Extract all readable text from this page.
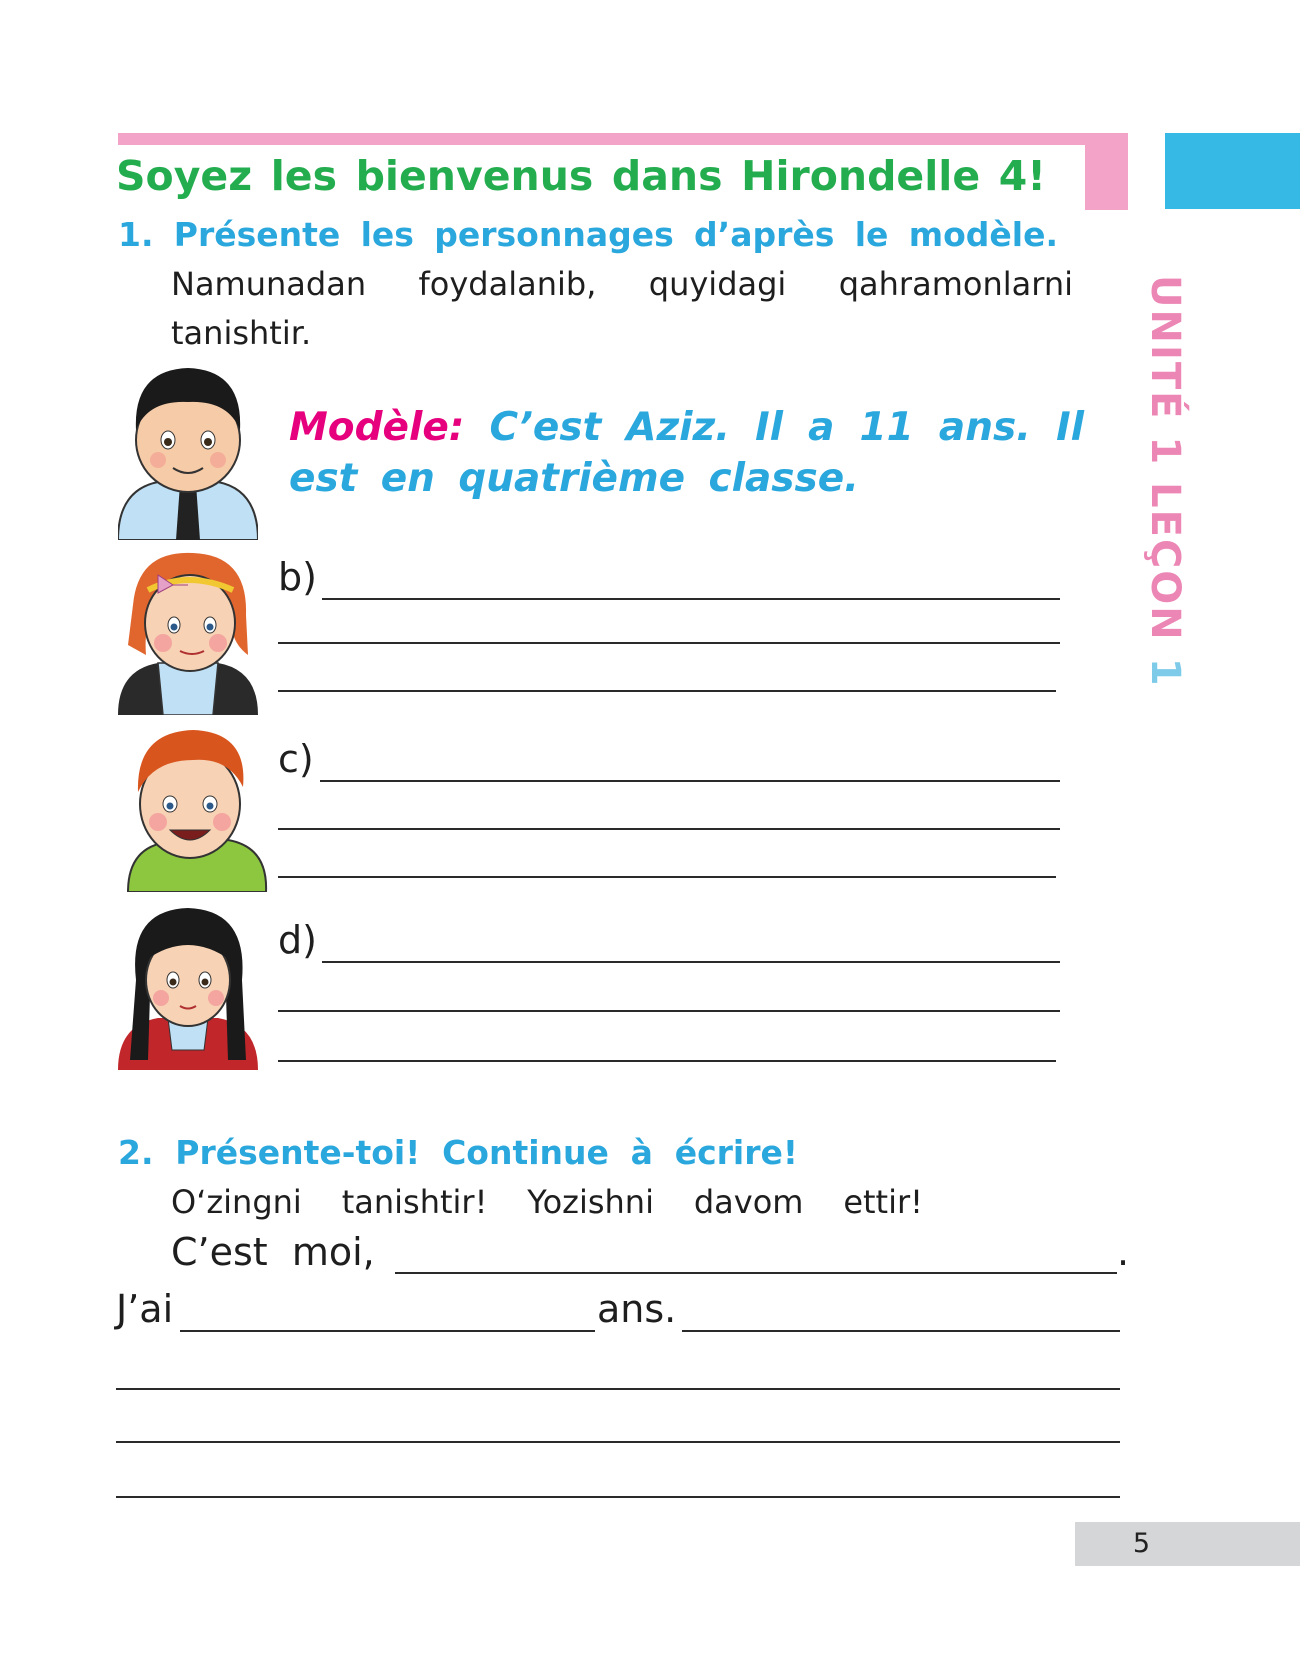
UNITÉ 1 LEÇON 1
Soyez les bienvenus dans Hirondelle 4!
1. Présente les personnages d’après le modèle.
Namunadan foydalanib, quyidagi qahramonlarni
tanishtir.
Modèle: C’est Aziz. Il a 11 ans. Il
est en quatrième classe.
b)
c)
d)
2. Présente-toi! Continue à écrire!
O‘zingni tanishtir! Yozishni davom ettir!
C’est  moi,	.
J’ai	ans.
5
